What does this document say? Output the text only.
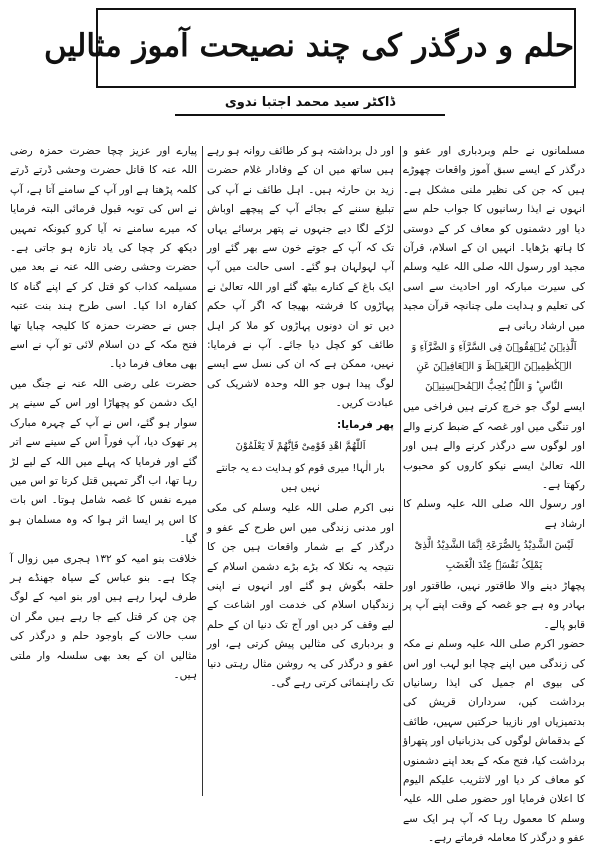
حلم و درگذر کی چند نصیحت آموز مثالیں
ڈاکٹر سید محمد اجتبا ندوی

مسلمانوں نے حلم وبردباری اور عفو و درگذر کے ایسے سبق آموز واقعات چھوڑے ہیں کہ جن کی نظیر ملنی مشکل ہے۔ انہوں نے ایذا رسانیوں کا جواب حلم سے دیا اور دشمنوں کو معاف کر کے دوستی کا ہاتھ بڑھایا۔ انہیں ان کے اسلام، قرآن مجید اور رسول اللہ صلی اللہ علیہ وسلم کی سیرت مبارکہ اور احادیث سے اسی کی تعلیم و ہدایت ملی چنانچہ قرآن مجید میں ارشاد ربانی ہے

اَلَّذِیۡنَ یُنۡفِقُوۡنَ فِی السَّرَّآءِ وَ الضَّرَّآءِ وَ الۡکٰظِمِیۡنَ الۡغَیۡظَ وَ الۡعَافِیۡنَ عَنِ النَّاسِ ؕ وَ اللّٰہُ یُحِبُّ الۡمُحۡسِنِیۡنَ

ایسے لوگ جو خرچ کرتے ہیں فراخی میں اور تنگی میں اور غصہ کے ضبط کرنے والے اور لوگوں سے درگذر کرنے والے ہیں اور اللہ تعالیٰ ایسے نیکو کاروں کو محبوب رکھتا ہے۔

اور رسول اللہ صلی اللہ علیہ وسلم کا ارشاد ہے

لَیْسَ الشَّدِیْدُ بِالصُّرَعَۃِ اِنَّمَا الشَّدِیْدُ الَّذِیْ یَمْلِکُ نَفْسَہٗ عِنْدَ الْغَضَبِ

پچھاڑ دینے والا طاقتور نہیں، طاقتور اور بہادر وہ ہے جو غصہ کے وقت اپنے آپ پر قابو پالے۔

حضور اکرم صلی اللہ علیہ وسلم نے مکہ کی زندگی میں اپنے چچا ابو لہب اور اس کی بیوی ام جمیل کی ایذا رسانیاں برداشت کیں، سرداران قریش کی بدتمیزیاں اور نازیبا حرکتیں سہیں، طائف کے بدقماش لوگوں کی بدزبانیاں اور پتھراؤ برداشت کیا، فتح مکہ کے بعد اپنے دشمنوں کو معاف کر دیا اور لاتثریب علیکم الیوم کا اعلان فرمایا اور حضور صلی اللہ علیہ وسلم کا معمول رہا کہ آپ ہر ایک سے عفو و درگذر کا معاملہ فرماتے رہے۔

اور دل برداشتہ ہو کر طائف روانہ ہو رہے ہیں ساتھ میں ان کے وفادار غلام حضرت زید بن حارثہ ہیں۔ اہل طائف نے آپ کی تبلیغ سننے کے بجائے آپ کے پیچھے اوباش لڑکے لگا دیے جنہوں نے پتھر برسائے یہاں تک کہ آپ کے جوتے خون سے بھر گئے اور آپ لہولہان ہو گئے۔ اسی حالت میں آپ ایک باغ کے کنارے بیٹھ گئے اور اللہ تعالیٰ نے پہاڑوں کا فرشتہ بھیجا کہ اگر آپ حکم دیں تو ان دونوں پہاڑوں کو ملا کر اہل طائف کو کچل دیا جائے۔ آپ نے فرمایا: نہیں، ممکن ہے کہ ان کی نسل سے ایسے لوگ پیدا ہوں جو اللہ وحدہ لاشریک کی عبادت کریں۔

پھر فرمایا:

اَللّٰھُمَّ اھْدِ قَوْمِیْ فَاِنَّھُمْ لَا یَعْلَمُوْنَ

بار الٰہا! میری قوم کو ہدایت دے یہ جانتے نہیں ہیں

نبی اکرم صلی اللہ علیہ وسلم کی مکی اور مدنی زندگی میں اس طرح کے عفو و درگذر کے بے شمار واقعات ہیں جن کا نتیجہ یہ نکلا کہ بڑے بڑے دشمن اسلام کے حلقہ بگوش ہو گئے اور انہوں نے اپنی زندگیاں اسلام کی خدمت اور اشاعت کے لیے وقف کر دیں اور آج تک دنیا ان کے حلم و بردباری کی مثالیں پیش کرتی ہے، اور عفو و درگذر کی یہ روشن مثال رہتی دنیا تک راہنمائی کرتی رہے گی۔

پیارے اور عزیز چچا حضرت حمزہ رضی اللہ عنہ کا قاتل حضرت وحشی ڈرتے ڈرتے کلمہ پڑھتا ہے اور آپ کے سامنے آتا ہے، آپ نے اس کی توبہ قبول فرمائی البتہ فرمایا کہ میرے سامنے نہ آیا کرو کیونکہ تمہیں دیکھ کر چچا کی یاد تازہ ہو جاتی ہے۔ حضرت وحشی رضی اللہ عنہ نے بعد میں مسیلمہ کذاب کو قتل کر کے اپنے گناہ کا کفارہ ادا کیا۔ اسی طرح ہند بنت عتبہ جس نے حضرت حمزہ کا کلیجہ چبایا تھا فتح مکہ کے دن اسلام لائی تو آپ نے اسے بھی معاف فرما دیا۔

حضرت علی رضی اللہ عنہ نے جنگ میں ایک دشمن کو پچھاڑا اور اس کے سینے پر سوار ہو گئے، اس نے آپ کے چہرہ مبارک پر تھوک دیا، آپ فوراً اس کے سینے سے اتر گئے اور فرمایا کہ پہلے میں اللہ کے لیے لڑ رہا تھا، اب اگر تمہیں قتل کرتا تو اس میں میرے نفس کا غصہ شامل ہوتا۔ اس بات کا اس پر ایسا اثر ہوا کہ وہ مسلمان ہو گیا۔

خلافت بنو امیہ کو ۱۳۲ ہجری میں زوال آ چکا ہے۔ بنو عباس کے سیاہ جھنڈے ہر طرف لہرا رہے ہیں اور بنو امیہ کے لوگ چن چن کر قتل کیے جا رہے ہیں مگر ان سب حالات کے باوجود حلم و درگذر کی مثالیں ان کے بعد بھی سلسلہ وار ملتی ہیں۔
